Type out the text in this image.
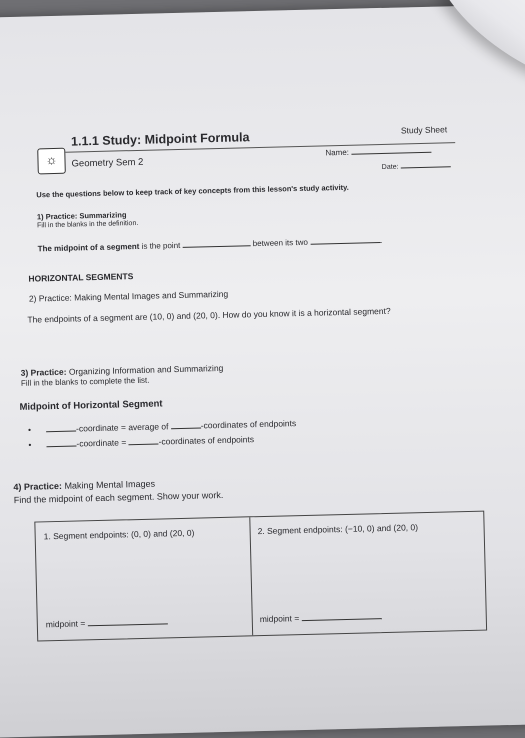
☼
1.1.1 Study: Midpoint Formula
Geometry Sem 2
Study Sheet
Name:
Date:
Use the questions below to keep track of key concepts from this lesson's study activity.
1) Practice: Summarizing
Fill in the blanks in the definition.
The midpoint of a segment is the point	between its two	.
HORIZONTAL SEGMENTS
2) Practice: Making Mental Images and Summarizing
The endpoints of a segment are (10, 0) and (20, 0). How do you know it is a horizontal segment?
3) Practice: Organizing Information and Summarizing
Fill in the blanks to complete the list.
Midpoint of Horizontal Segment
•	-coordinate = average of	-coordinates of endpoints
•	-coordinate =	-coordinates of endpoints
4) Practice: Making Mental Images
Find the midpoint of each segment. Show your work.
1. Segment endpoints: (0, 0) and (20, 0)	2. Segment endpoints: (−10, 0) and (20, 0)
midpoint =	midpoint =
